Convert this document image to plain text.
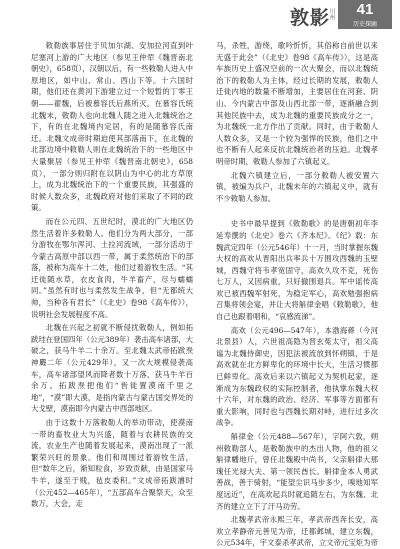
敦影
川州	41
历史探幽

敕勒族事居住于贝加尔湖、安加拉河直到叶尼塞河上游的广大地区（参见王仲荦《魏晋南北朝史》，658页），汉朝以后，有一些敕勒人进入中原地区，如中山、常山、西山下等。十六国时期，他们还在黄河下游建立过一个短暂的丁零王朝——翟魏，后被慕容氏后燕所灭。在慕容氏统北魏末，敕勒人也向北魏人随之进入北魏统治之下，有的在北魏境内定居，有的是随慕容氏南迁。北魏文成帝时期迫使其部落南下，在北魏的北部边境中敕勒人则在北魏统治下的一些地区中大量聚居（参见王仲荦《魏晋南北朝史》，658页），一部分则归附在以阴山为中心的北方草原上，成为北魏统治下的一个重要民族，其强盛的时候人数众多，北魏政府对他们采取了不同的政策。

而在公元四、五世纪时，漠北的广大地区仍然生活着许多敕勒人。他们分为两大部分，一部分游牧在鄂尔浑河、土拉河流域，一部分活动于今蒙古高原中部以西一带，属于柔然统治下的部落，被称为高车十二姓，他们过着游牧生活。“其迁徙随水草，衣皮食肉，牛羊畜产，尽与蠕蠕同。”虽然有时也与柔然发生战争，但“无都统大帅，当种各有君长”（《北史》卷98《高车传》），说明社会发展程度不高。

北魏在兴起之初就不断侵扰敕勒人，例如拓跋珪在登国四年（公元389年）袭击高车诸部，大破之，获马牛羊二十余万。至北魏太武帝拓跋焘神麚二年（公元429年），又一次大规模侵袭高车，高车诸部望风而降者数十万落，获马牛羊百余万。拓跋焘把他们“皆徙置漠南千里之地”，“漠”即大漠，是指内蒙古与蒙古国交界处的大戈壁，漠南即今内蒙古中西部地区。

由于这数十万落敕勒人的举动带动，使漠南一带的畜牧业大为兴盛，随着与农耕民族的交流，农业生产也随着发展起来，漠南出现了一派繁荣兴旺的景象。他们和周围过着游牧生活，但“数年之后，渐知粒食，岁致贡献，由是国家马牛羊，遂至于贱，毡皮委积。”文成帝拓跋濬时（公元452—465年），“五部高车合聚祭天，众至数万，大会，走

马，杀牲，游绕，歌吟忻忻，其俗称自前世以来无盛于此会”（《北史》卷98《高车传》），这是高车族历史上盛况空前的一次大聚会，而以北魏统治下的敕勒人为主体，经过长期的发展，敕勒人迁徙内地的数量不断增加，主要居住在河套、阴山、今内蒙古中部及山西北部一带，逐渐融合到其他民族中去，成为北魏的重要民族成分之一，为北魏统一北方作出了贡献。同时，由于敕勒人人数众多，又是一个较为强悍的民族，他们之中也不断有人起来反抗北魏统治者的压迫。北魏孝明帝时期，敕勒人参加了六镇起义。

北魏六镇建立后，一部分敕勒人被安置六镇，被编为兵户，北魏末年的六镇起义中，就有不少敕勒人参加。

史书中最早提到《敕勒歌》的是唐朝初年李延寿撰的《北史》卷六《齐本纪》。《纪》载：东魏武定四年（公元546年）十一月，当时掌握东魏大权的高欢从晋阳出兵率兵十万围攻西魏的玉壁城，西魏守将韦孝宽固守，高欢久攻不克，死伤七万人，又因病重，只好撤围退兵。军中谣传高欢已被西魏军射死，为稳定军心，高欢勉强抱病召集将领会宴，并让大将斛律金唱《敕勒歌》，他自己也跟着唱和，“哀感流涕”。

高欢（公元496—547年），本渤海蓚（今河北景县）人，六世祖高隐为晋玄菟太守，祖父高谧为北魏侍御史，因犯法被流放到怀朔镇，于是高欢就在北方鲜卑化的环境中长大，生活习惯都已鲜卑化。高欢后来以六镇起义为契机起家，逐渐成为东魏政权的实际控制者，他执掌东魏大权十六年，对东魏的政治、经济、军事等方面都有重大影响，同时也与西魏长期对峙，进行过多次战争。

斛律金（公元488—567年），字阿六敦，朔州敕勒部人，是敕勒族中的杰出人物，他的祖父斛律幡地斤，曾任北魏殿中尚书，父亲斛律大那瑰任光禄大夫、第一领民酋长。斛律金本人勇武善战，善于骑射，“能望尘识马步多少，嗅地知军度远近”，在高欢起兵时就追随左右，为东魏、北齐的建立立下了汗马功劳。

北魏孝武帝永熙三年，孝武帝西奔长安，高欢立孝静帝元善见为帝，迁都邺城，建立东魏，公元534年，宇文泰杀孝武帝，立文帝元宝炬为帝
